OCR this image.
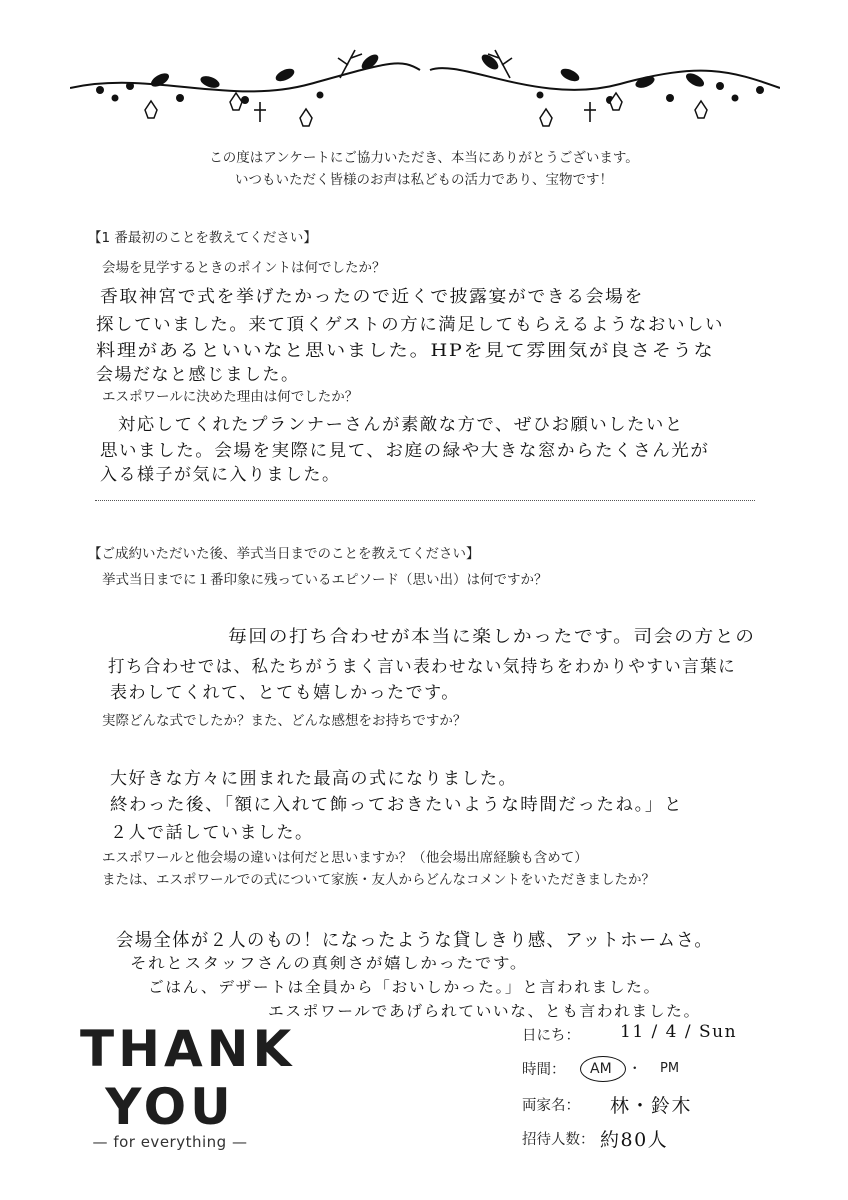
この度はアンケートにご協力いただき、本当にありがとうございます。
いつもいただく皆様のお声は私どもの活力であり、宝物です！
【1 番最初のことを教えてください】
会場を見学するときのポイントは何でしたか？
香取神宮で式を挙げたかったので近くで披露宴ができる会場を
探していました。来て頂くゲストの方に満足してもらえるようなおいしい
料理があるといいなと思いました。HPを見て雰囲気が良さそうな
会場だなと感じました。
エスポワールに決めた理由は何でしたか？
対応してくれたプランナーさんが素敵な方で、ぜひお願いしたいと
思いました。会場を実際に見て、お庭の緑や大きな窓からたくさん光が
入る様子が気に入りました。
【ご成約いただいた後、挙式当日までのことを教えてください】
挙式当日までに１番印象に残っているエピソード（思い出）は何ですか？
毎回の打ち合わせが本当に楽しかったです。司会の方との
打ち合わせでは、私たちがうまく言い表わせない気持ちをわかりやすい言葉に
表わしてくれて、とても嬉しかったです。
実際どんな式でしたか？また、どんな感想をお持ちですか？
大好きな方々に囲まれた最高の式になりました。
終わった後、「額に入れて飾っておきたいような時間だったね。」と
２人で話していました。
エスポワールと他会場の違いは何だと思いますか？（他会場出席経験も含めて）
または、エスポワールでの式について家族・友人からどんなコメントをいただきましたか？
会場全体が２人のもの！になったような貸しきり感、アットホームさ。
それとスタッフさんの真剣さが嬉しかったです。
ごはん、デザートは全員から「おいしかった。」と言われました。
エスポワールであげられていいな、とも言われました。
THANK
YOU
— for everything —
日にち： 11 / 4 / Sun
時間： AM ・ PM
両家名： 林・鈴木
招待人数： 約80人
